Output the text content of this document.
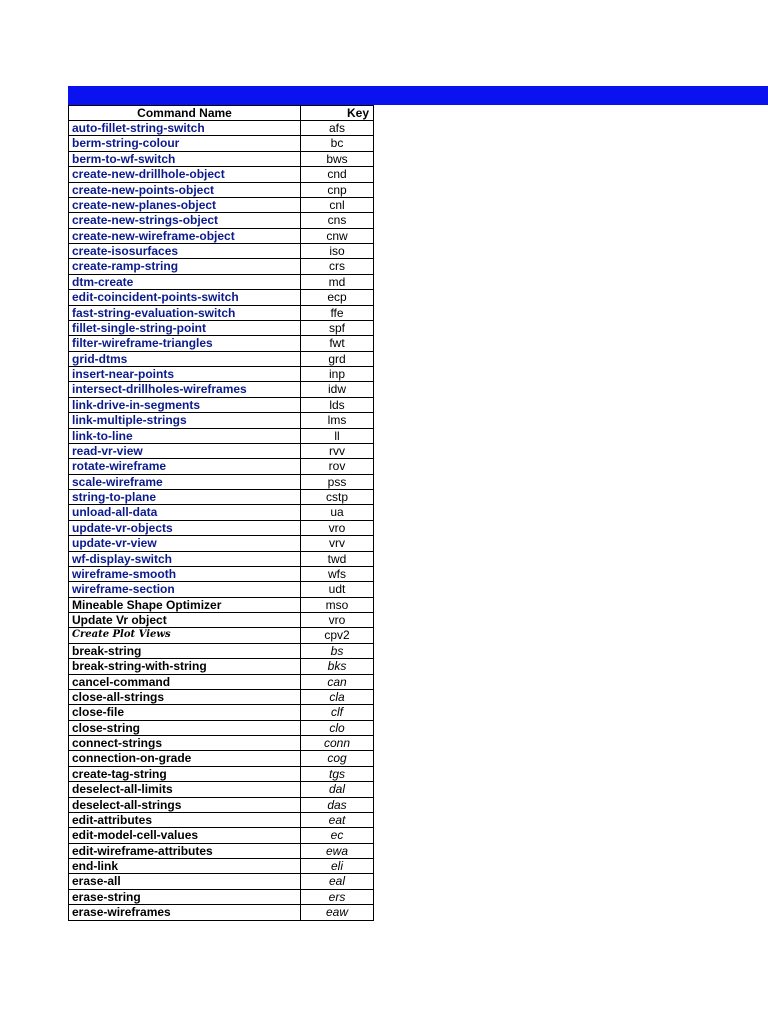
Command Name	Key
auto-fillet-string-switch	afs
berm-string-colour	bc
berm-to-wf-switch	bws
create-new-drillhole-object	cnd
create-new-points-object	cnp
create-new-planes-object	cnl
create-new-strings-object	cns
create-new-wireframe-object	cnw
create-isosurfaces	iso
create-ramp-string	crs
dtm-create	md
edit-coincident-points-switch	ecp
fast-string-evaluation-switch	ffe
fillet-single-string-point	spf
filter-wireframe-triangles	fwt
grid-dtms	grd
insert-near-points	inp
intersect-drillholes-wireframes	idw
link-drive-in-segments	lds
link-multiple-strings	lms
link-to-line	ll
read-vr-view	rvv
rotate-wireframe	rov
scale-wireframe	pss
string-to-plane	cstp
unload-all-data	ua
update-vr-objects	vro
update-vr-view	vrv
wf-display-switch	twd
wireframe-smooth	wfs
wireframe-section	udt
Mineable Shape Optimizer	mso
Update Vr object	vro
Create Plot Views	cpv2
break-string	bs
break-string-with-string	bks
cancel-command	can
close-all-strings	cla
close-file	clf
close-string	clo
connect-strings	conn
connection-on-grade	cog
create-tag-string	tgs
deselect-all-limits	dal
deselect-all-strings	das
edit-attributes	eat
edit-model-cell-values	ec
edit-wireframe-attributes	ewa
end-link	eli
erase-all	eal
erase-string	ers
erase-wireframes	eaw
